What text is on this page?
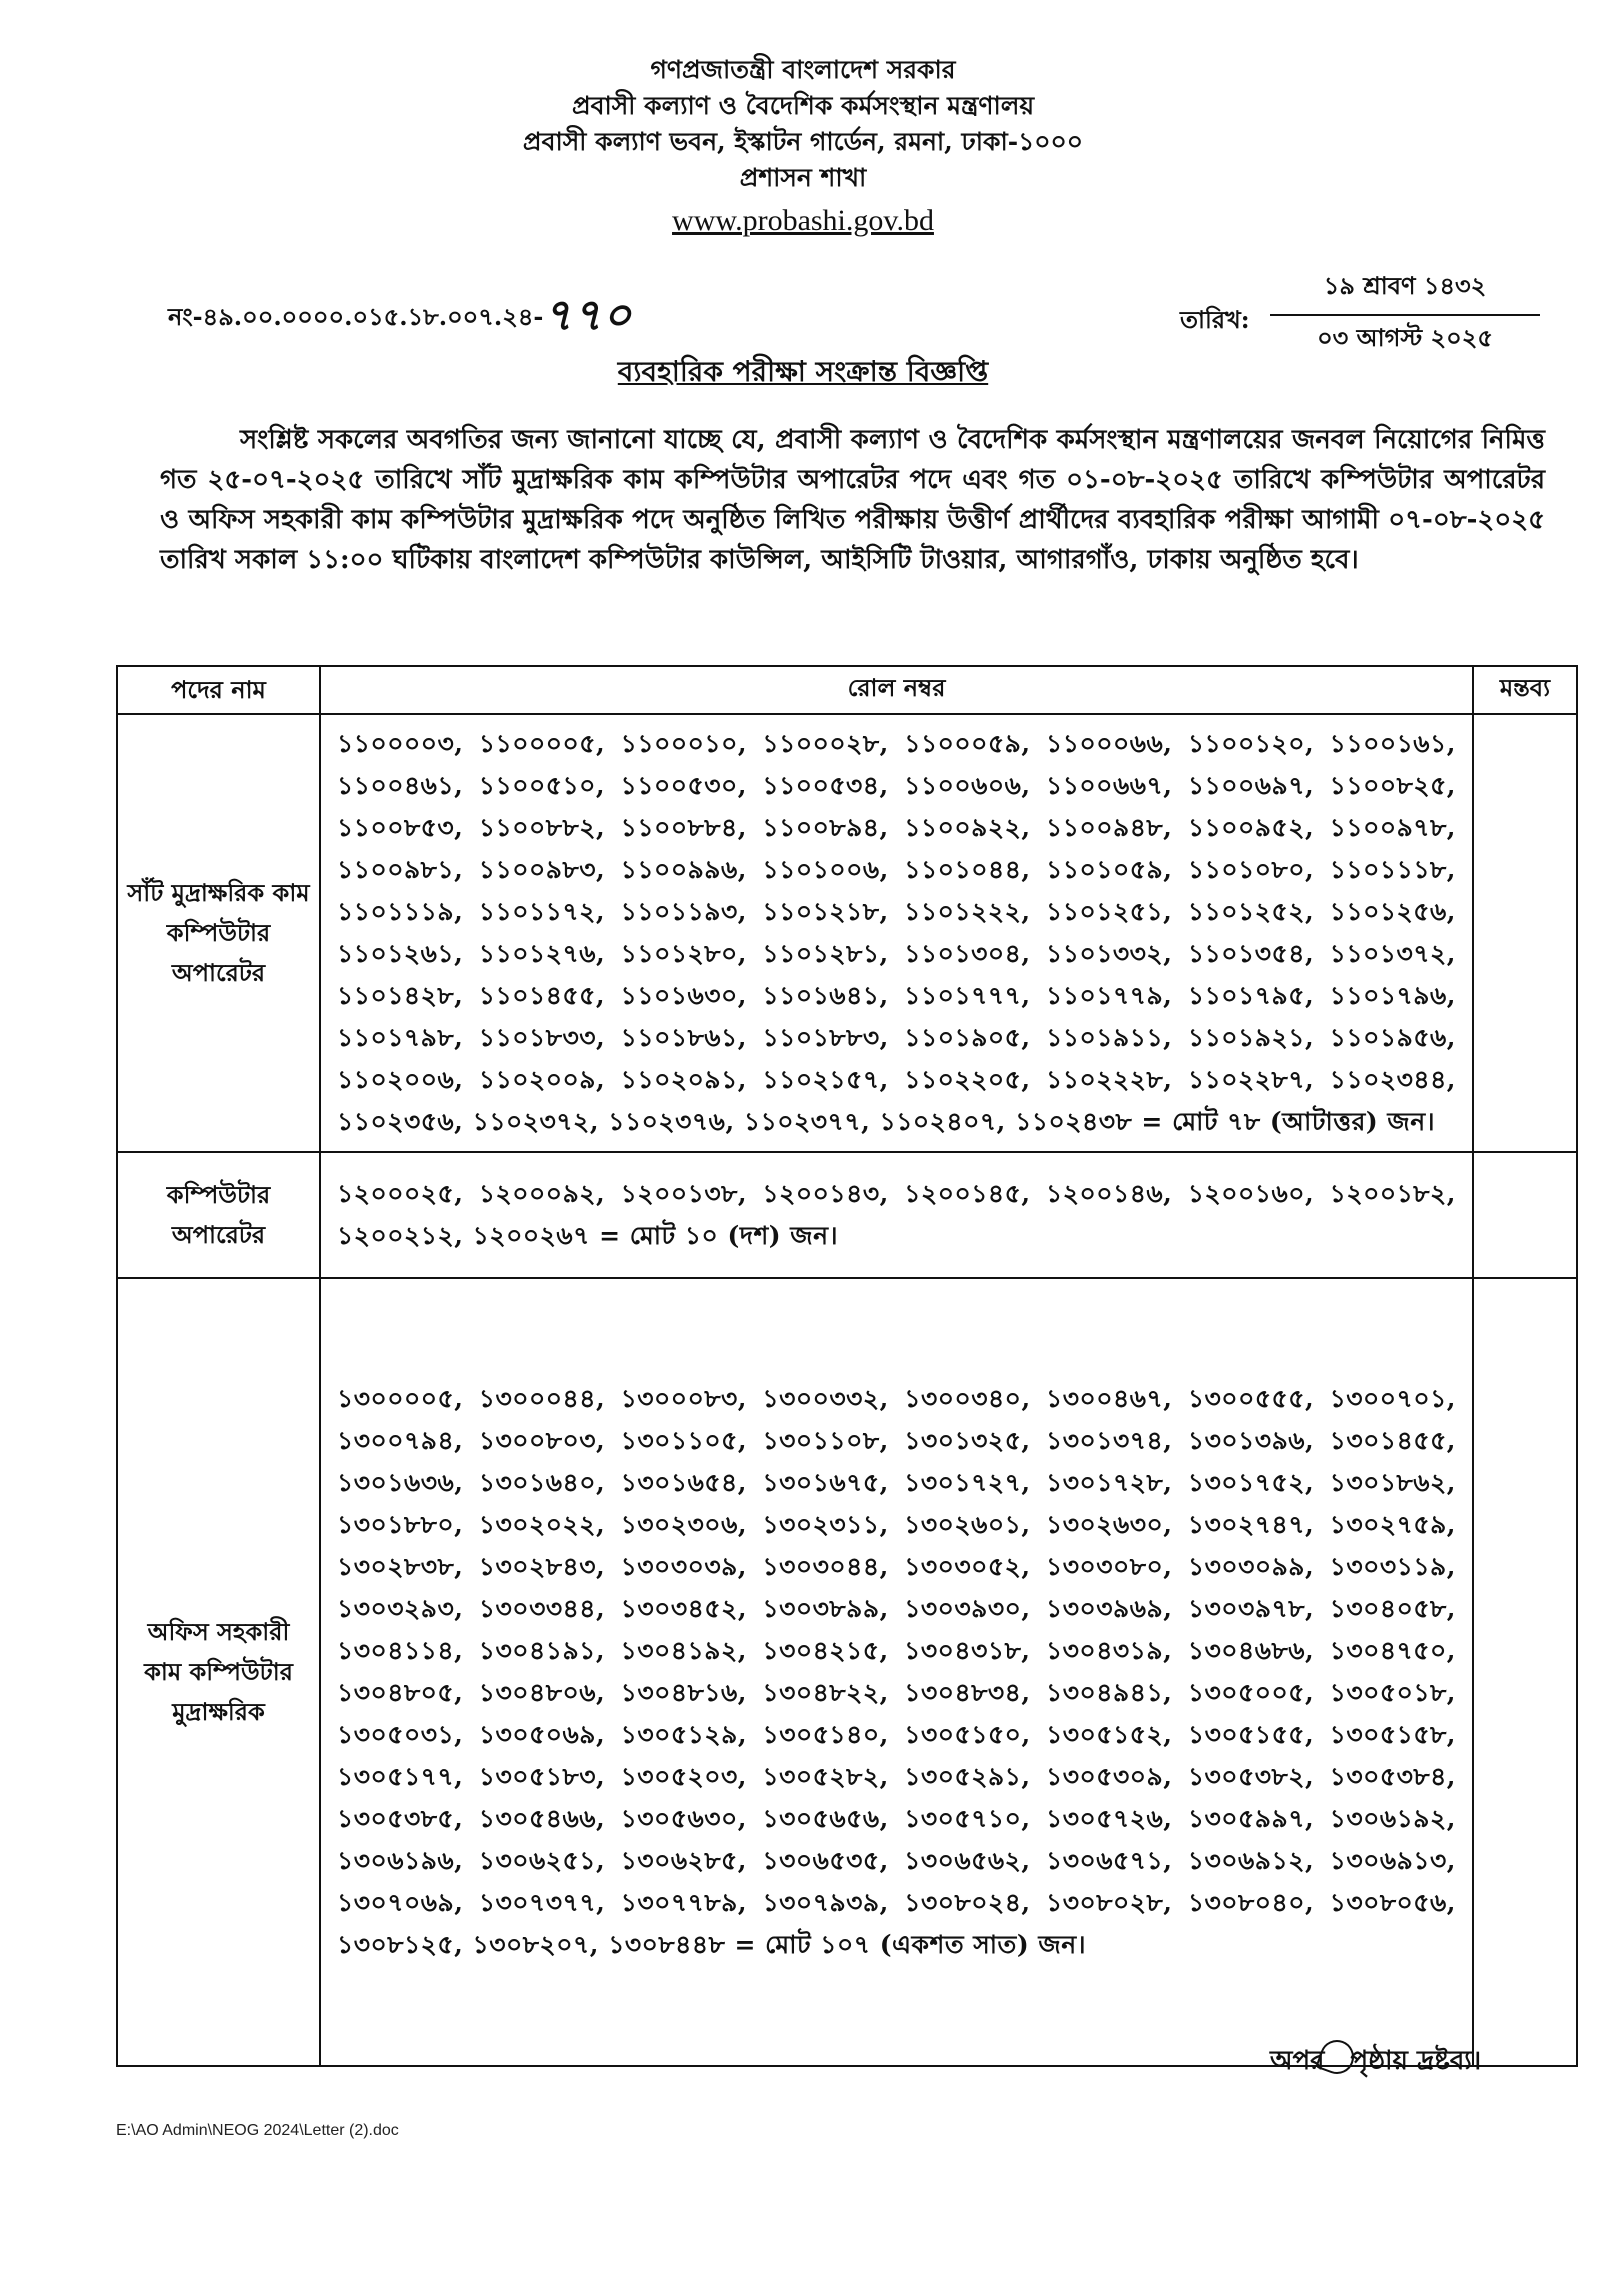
গণপ্রজাতন্ত্রী বাংলাদেশ সরকার
প্রবাসী কল্যাণ ও বৈদেশিক কর্মসংস্থান মন্ত্রণালয়
প্রবাসী কল্যাণ ভবন, ইস্কাটন গার্ডেন, রমনা, ঢাকা-১০০০
প্রশাসন শাখা
www.probashi.gov.bd
নং-৪৯.০০.০০০০.০১৫.১৮.০০৭.২৪-৭৭০	তারিখ:
১৯ শ্রাবণ ১৪৩২
০৩ আগস্ট ২০২৫
ব্যবহারিক পরীক্ষা সংক্রান্ত বিজ্ঞপ্তি
সংশ্লিষ্ট সকলের অবগতির জন্য জানানো যাচ্ছে যে, প্রবাসী কল্যাণ ও বৈদেশিক কর্মসংস্থান মন্ত্রণালয়ের জনবল নিয়োগের নিমিত্ত গত ২৫-০৭-২০২৫ তারিখে সাঁট মুদ্রাক্ষরিক কাম কম্পিউটার অপারেটর পদে এবং গত ০১-০৮-২০২৫ তারিখে কম্পিউটার অপারেটর ও অফিস সহকারী কাম কম্পিউটার মুদ্রাক্ষরিক পদে অনুষ্ঠিত লিখিত পরীক্ষায় উত্তীর্ণ প্রার্থীদের ব্যবহারিক পরীক্ষা আগামী ০৭-০৮-২০২৫ তারিখ সকাল ১১:০০ ঘটিকায় বাংলাদেশ কম্পিউটার কাউন্সিল, আইসিটি টাওয়ার, আগারগাঁও, ঢাকায় অনুষ্ঠিত হবে।
পদের নাম	রোল নম্বর	মন্তব্য
সাঁট মুদ্রাক্ষরিক কাম কম্পিউটার অপারেটর	১১০০০০৩, ১১০০০০৫, ১১০০০১০, ১১০০০২৮, ১১০০০৫৯, ১১০০০৬৬, ১১০০১২০, ১১০০১৬১, ১১০০৪৬১, ১১০০৫১০, ১১০০৫৩০, ১১০০৫৩৪, ১১০০৬০৬, ১১০০৬৬৭, ১১০০৬৯৭, ১১০০৮২৫, ১১০০৮৫৩, ১১০০৮৮২, ১১০০৮৮৪, ১১০০৮৯৪, ১১০০৯২২, ১১০০৯৪৮, ১১০০৯৫২, ১১০০৯৭৮, ১১০০৯৮১, ১১০০৯৮৩, ১১০০৯৯৬, ১১০১০০৬, ১১০১০৪৪, ১১০১০৫৯, ১১০১০৮০, ১১০১১১৮, ১১০১১১৯, ১১০১১৭২, ১১০১১৯৩, ১১০১২১৮, ১১০১২২২, ১১০১২৫১, ১১০১২৫২, ১১০১২৫৬, ১১০১২৬১, ১১০১২৭৬, ১১০১২৮০, ১১০১২৮১, ১১০১৩০৪, ১১০১৩৩২, ১১০১৩৫৪, ১১০১৩৭২, ১১০১৪২৮, ১১০১৪৫৫, ১১০১৬৩০, ১১০১৬৪১, ১১০১৭৭৭, ১১০১৭৭৯, ১১০১৭৯৫, ১১০১৭৯৬, ১১০১৭৯৮, ১১০১৮৩৩, ১১০১৮৬১, ১১০১৮৮৩, ১১০১৯০৫, ১১০১৯১১, ১১০১৯২১, ১১০১৯৫৬, ১১০২০০৬, ১১০২০০৯, ১১০২০৯১, ১১০২১৫৭, ১১০২২০৫, ১১০২২২৮, ১১০২২৮৭, ১১০২৩৪৪, ১১০২৩৫৬, ১১০২৩৭২, ১১০২৩৭৬, ১১০২৩৭৭, ১১০২৪০৭, ১১০২৪৩৮ = মোট ৭৮ (আটাত্তর) জন।	
কম্পিউটার অপারেটর	১২০০০২৫, ১২০০০৯২, ১২০০১৩৮, ১২০০১৪৩, ১২০০১৪৫, ১২০০১৪৬, ১২০০১৬০, ১২০০১৮২, ১২০০২১২, ১২০০২৬৭ = মোট ১০ (দশ) জন।	
অফিস সহকারী কাম কম্পিউটার মুদ্রাক্ষরিক	১৩০০০০৫, ১৩০০০৪৪, ১৩০০০৮৩, ১৩০০৩৩২, ১৩০০৩৪০, ১৩০০৪৬৭, ১৩০০৫৫৫, ১৩০০৭০১, ১৩০০৭৯৪, ১৩০০৮০৩, ১৩০১১০৫, ১৩০১১০৮, ১৩০১৩২৫, ১৩০১৩৭৪, ১৩০১৩৯৬, ১৩০১৪৫৫, ১৩০১৬৩৬, ১৩০১৬৪০, ১৩০১৬৫৪, ১৩০১৬৭৫, ১৩০১৭২৭, ১৩০১৭২৮, ১৩০১৭৫২, ১৩০১৮৬২, ১৩০১৮৮০, ১৩০২০২২, ১৩০২৩০৬, ১৩০২৩১১, ১৩০২৬০১, ১৩০২৬৩০, ১৩০২৭৪৭, ১৩০২৭৫৯, ১৩০২৮৩৮, ১৩০২৮৪৩, ১৩০৩০৩৯, ১৩০৩০৪৪, ১৩০৩০৫২, ১৩০৩০৮০, ১৩০৩০৯৯, ১৩০৩১১৯, ১৩০৩২৯৩, ১৩০৩৩৪৪, ১৩০৩৪৫২, ১৩০৩৮৯৯, ১৩০৩৯৩০, ১৩০৩৯৬৯, ১৩০৩৯৭৮, ১৩০৪০৫৮, ১৩০৪১১৪, ১৩০৪১৯১, ১৩০৪১৯২, ১৩০৪২১৫, ১৩০৪৩১৮, ১৩০৪৩১৯, ১৩০৪৬৮৬, ১৩০৪৭৫০, ১৩০৪৮০৫, ১৩০৪৮০৬, ১৩০৪৮১৬, ১৩০৪৮২২, ১৩০৪৮৩৪, ১৩০৪৯৪১, ১৩০৫০০৫, ১৩০৫০১৮, ১৩০৫০৩১, ১৩০৫০৬৯, ১৩০৫১২৯, ১৩০৫১৪০, ১৩০৫১৫০, ১৩০৫১৫২, ১৩০৫১৫৫, ১৩০৫১৫৮, ১৩০৫১৭৭, ১৩০৫১৮৩, ১৩০৫২০৩, ১৩০৫২৮২, ১৩০৫২৯১, ১৩০৫৩০৯, ১৩০৫৩৮২, ১৩০৫৩৮৪, ১৩০৫৩৮৫, ১৩০৫৪৬৬, ১৩০৫৬৩০, ১৩০৫৬৫৬, ১৩০৫৭১০, ১৩০৫৭২৬, ১৩০৫৯৯৭, ১৩০৬১৯২, ১৩০৬১৯৬, ১৩০৬২৫১, ১৩০৬২৮৫, ১৩০৬৫৩৫, ১৩০৬৫৬২, ১৩০৬৫৭১, ১৩০৬৯১২, ১৩০৬৯১৩, ১৩০৭০৬৯, ১৩০৭৩৭৭, ১৩০৭৭৮৯, ১৩০৭৯৩৯, ১৩০৮০২৪, ১৩০৮০২৮, ১৩০৮০৪০, ১৩০৮০৫৬, ১৩০৮১২৫, ১৩০৮২০৭, ১৩০৮৪৪৮ = মোট ১০৭ (একশত সাত) জন।	
অপর পৃষ্ঠায় দ্রষ্টব্য।
E:\AO Admin\NEOG 2024\Letter (2).doc
